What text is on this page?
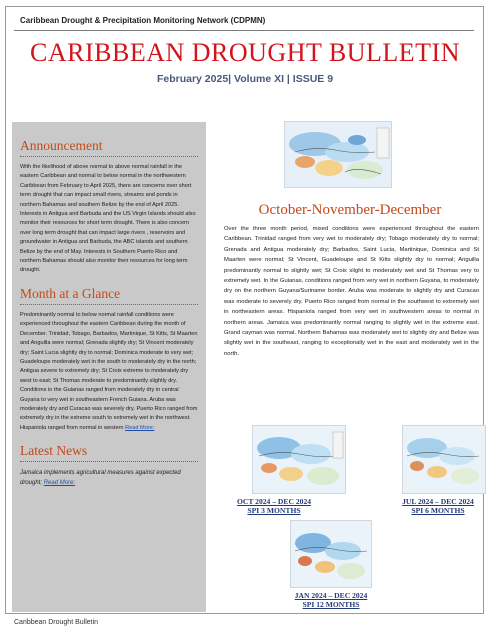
Caribbean Drought & Precipitation Monitoring Network (CDPMN)
CARIBBEAN DROUGHT BULLETIN
February 2025| Volume XI | ISSUE 9
Announcement
With the likelihood of above normal to above normal rainfall in the eastern Caribbean and normal to below normal in the northwestern Caribbean from February to April 2025, there are concerns over short term drought that can impact small rivers, streams and ponds in northern Bahamas and southern Belize by the end of April 2025. Interests in Antigua and Barbuda and the US Virgin Islands should also monitor their resources for short term drought. There is also concern over long term drought that can impact large rivers , reservoirs and groundwater in Antigua and Barbuda, the ABC islands and southern Belize by the end of May. Interests in Southern Puerto Rico and northern Bahamas should also monitor their resources for long term drought.
Month at a Glance
Predominantly normal to below normal rainfall conditions were experienced throughout the eastern Caribbean during the month of December. Trinidad, Tobago, Barbados, Martinique, St Kitts, St Maarten and Anguilla were normal; Grenada slightly dry; St Vincent moderately dry; Saint Lucia slightly dry to normal; Dominica moderate to very wet; Guadeloupe moderately wet in the south to moderately dry in the north; Antigua severe to extremely dry; St Croix extreme to moderately dry west to east; St Thomas moderate to predominantly slightly dry. Conditions in the Guianas ranged from moderately dry in central Guyana to very wet in southeastern French Guiana. Aruba was moderately dry and Curacao was severely dry. Puerto Rico ranged from extremely dry in the extreme south to extremely wet in the northwest. Hispaniola ranged from normal in western Read More:
Latest News
Jamaica implements agricultural measures against expected drought; Read More:
October-November-December
Over the three month period, mixed conditions were experienced throughout the eastern Caribbean. Trinidad ranged from very wet to moderately dry; Tobago moderately dry to normal; Grenada and Antigua moderately dry; Barbados, Saint Lucia, Martinique, Dominica and St Maarten were normal; St Vincent, Guadeloupe and St Kitts slightly dry to normal; Anguilla predominantly normal to slightly wet; St Croix slight to moderately wet and St Thomas very to extremely wet. In the Guianas, conditions ranged from very wet in northern Guyana, to moderately dry on the northern Guyana/Suriname border. Aruba was moderate to slightly dry and Curacao was moderate to severely dry. Puerto Rico ranged from normal in the southwest to extremely wet in northeastern areas. Hispaniola ranged from very wet in southwestern areas to normal in northern areas. Jamaica was predominantly normal ranging to slightly wet in the extreme east. Grand cayman was normal. Northern Bahamas was moderately wet to slightly dry and Belize was slightly wet in the southeast, ranging to exceptionally wet in the east and moderately wet in the north.
OCT 2024 – DEC 2024
SPI 3 MONTHS
JUL 2024 – DEC 2024
SPI 6 MONTHS
JAN 2024 – DEC 2024
SPI 12 MONTHS
Caribbean Drought Bulletin
